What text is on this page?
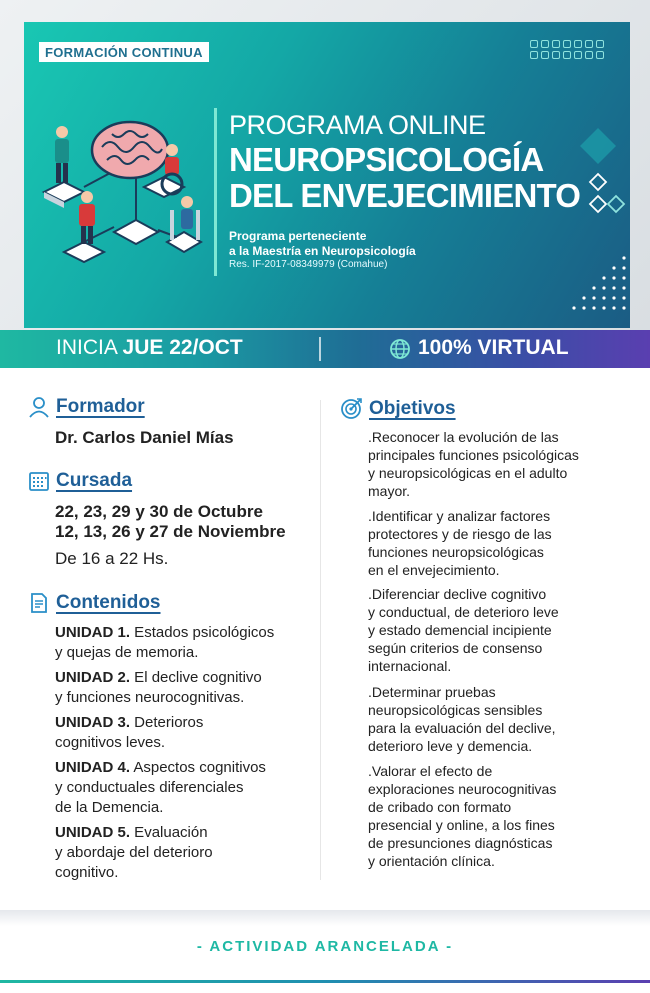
FORMACIÓN CONTINUA
PROGRAMA ONLINE
NEUROPSICOLOGÍA
DEL ENVEJECIMIENTO
Programa perteneciente
a la Maestría en Neuropsicología
Res. IF-2017-08349979 (Comahue)
INICIA JUE 22/OCT	100% VIRTUAL
Formador
Dr. Carlos Daniel Mías
Cursada
22, 23, 29 y 30 de Octubre
12, 13, 26 y 27 de Noviembre
De 16 a 22 Hs.
Contenidos
UNIDAD 1. Estados psicológicos
y quejas de memoria.
UNIDAD 2. El declive cognitivo
y funciones neurocognitivas.
UNIDAD 3. Deterioros
cognitivos leves.
UNIDAD 4. Aspectos cognitivos
y conductuales diferenciales
de la Demencia.
UNIDAD 5. Evaluación
y abordaje del deterioro
cognitivo.
Objetivos
.Reconocer la evolución de las
principales funciones psicológicas
y neuropsicológicas en el adulto
mayor.
.Identificar y analizar factores
protectores y de riesgo de las
funciones neuropsicológicas
en el envejecimiento.
.Diferenciar declive cognitivo
y conductual, de deterioro leve
y estado demencial incipiente
según criterios de consenso
internacional.
.Determinar pruebas
neuropsicológicas sensibles
para la evaluación del declive,
deterioro leve y demencia.
.Valorar el efecto de
exploraciones neurocognitivas
de cribado con formato
presencial y online, a los fines
de presunciones diagnósticas
y orientación clínica.
- ACTIVIDAD ARANCELADA -
